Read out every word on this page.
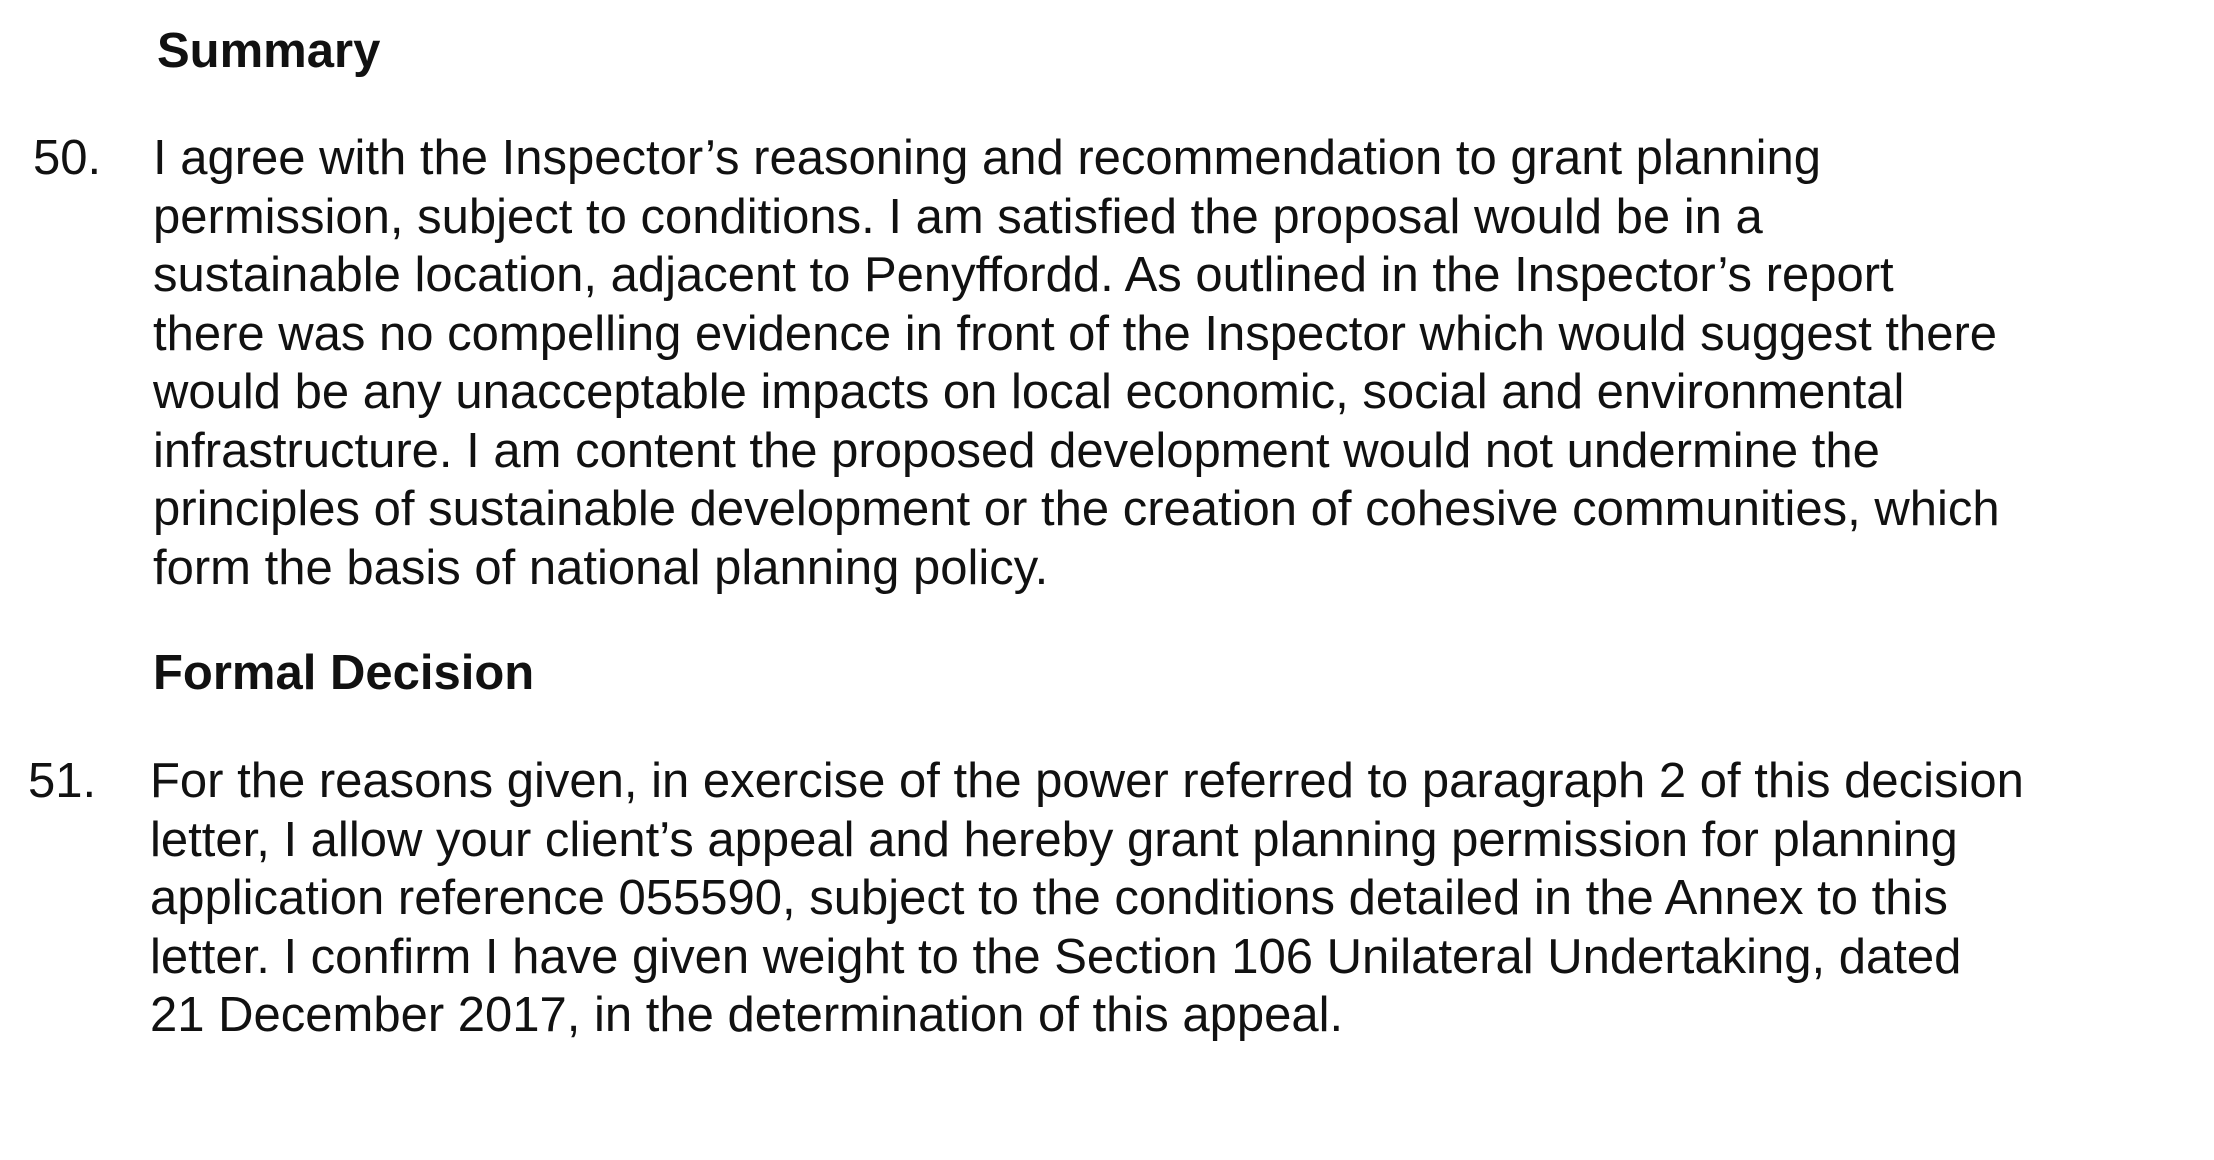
Summary
50. I agree with the Inspector’s reasoning and recommendation to grant planning
permission, subject to conditions. I am satisfied the proposal would be in a
sustainable location, adjacent to Penyffordd. As outlined in the Inspector’s report
there was no compelling evidence in front of the Inspector which would suggest there
would be any unacceptable impacts on local economic, social and environmental
infrastructure. I am content the proposed development would not undermine the
principles of sustainable development or the creation of cohesive communities, which
form the basis of national planning policy.
Formal Decision
51. For the reasons given, in exercise of the power referred to paragraph 2 of this decision
letter, I allow your client’s appeal and hereby grant planning permission for planning
application reference 055590, subject to the conditions detailed in the Annex to this
letter. I confirm I have given weight to the Section 106 Unilateral Undertaking, dated
21 December 2017, in the determination of this appeal.
